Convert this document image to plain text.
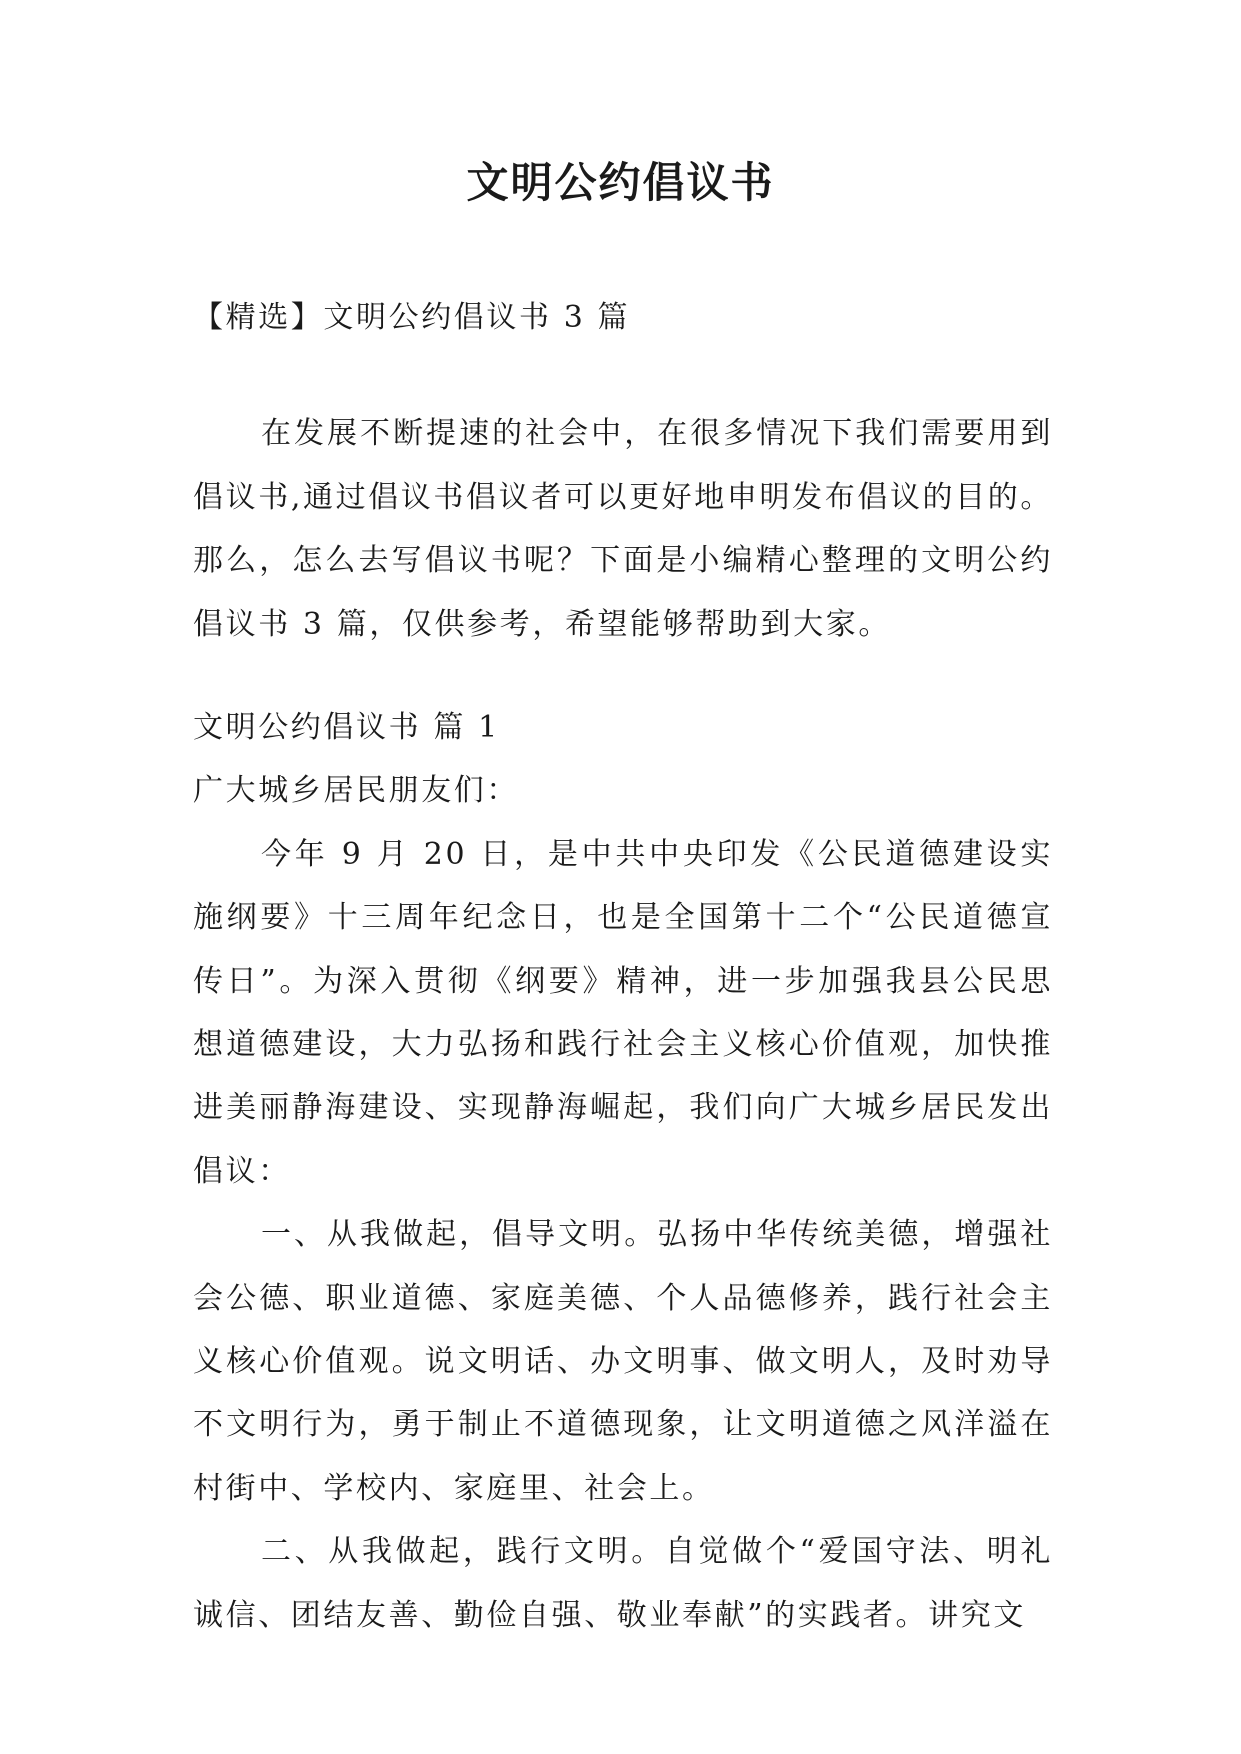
文明公约倡议书

【精选】文明公约倡议书 3 篇

在发展不断提速的社会中，在很多情况下我们需要用到倡议书,通过倡议书倡议者可以更好地申明发布倡议的目的。那么，怎么去写倡议书呢？下面是小编精心整理的文明公约倡议书 3 篇，仅供参考，希望能够帮助到大家。

文明公约倡议书 篇 1

广大城乡居民朋友们：

今年 9 月 20 日，是中共中央印发《公民道德建设实施纲要》十三周年纪念日，也是全国第十二个“公民道德宣传日”。为深入贯彻《纲要》精神，进一步加强我县公民思想道德建设，大力弘扬和践行社会主义核心价值观，加快推进美丽静海建设、实现静海崛起，我们向广大城乡居民发出倡议：

一、从我做起，倡导文明。弘扬中华传统美德，增强社会公德、职业道德、家庭美德、个人品德修养，践行社会主义核心价值观。说文明话、办文明事、做文明人，及时劝导不文明行为，勇于制止不道德现象，让文明道德之风洋溢在村街中、学校内、家庭里、社会上。

二、从我做起，践行文明。自觉做个“爱国守法、明礼诚信、团结友善、勤俭自强、敬业奉献”的实践者。讲究文
